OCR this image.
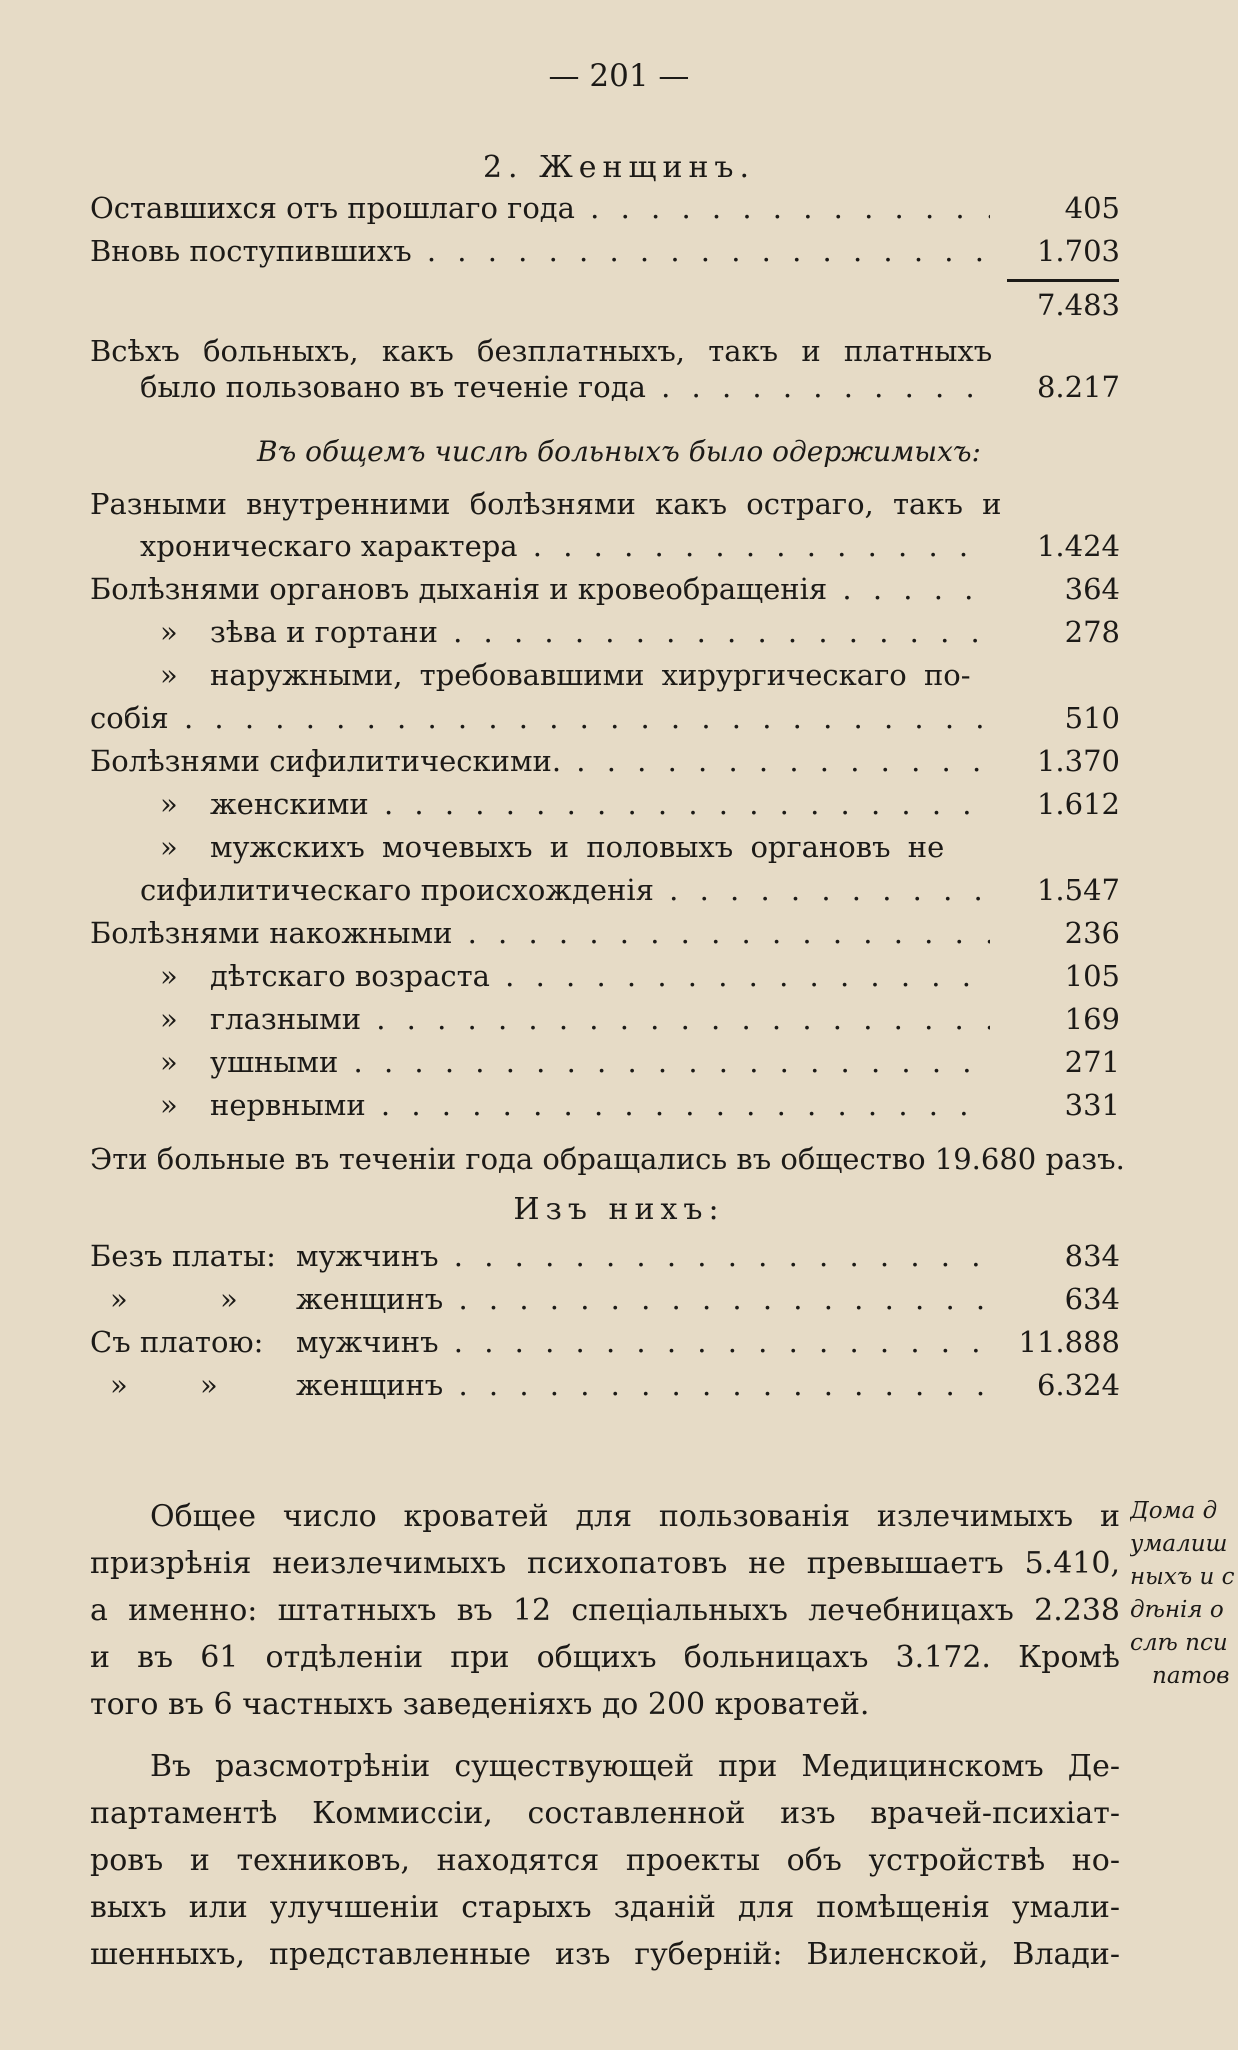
— 201 —
2. Женщинъ.
Оставшихся отъ прошлаго года . . .	405
Вновь поступившихъ . . .	1.703
7.483
Всѣхъ больныхъ, какъ безплатныхъ, такъ и платныхъ
было пользовано въ теченіе года . . .	8.217
Въ общемъ числѣ больныхъ было одержимыхъ:
Разными внутренними болѣзнями какъ остраго, такъ и
хроническаго характера . . .	1.424
Болѣзнями органовъ дыханія и кровеобращенія . . .	364
» зѣва и гортани . . .	278
» наружными, требовавшими хирургическаго по-
собія . . .	510
Болѣзнями сифилитическими. . . .	1.370
» женскими . . .	1.612
» мужскихъ мочевыхъ и половыхъ органовъ не
сифилитическаго происхожденія . . .	1.547
Болѣзнями накожными . . .	236
» дѣтскаго возраста . . .	105
» глазными . . .	169
» ушными . . .	271
» нервными . . .	331
Эти больные въ теченіи года обращались въ общество 19.680 разъ.
Изъ нихъ:
Безъ платы: мужчинъ . . .	834
»	» женщинъ . . .	634
Съ платою: мужчинъ . . .	11.888
» »	женщинъ . . .	6.324
Общее число кроватей для пользованія излечимыхъ и
призрѣнія неизлечимыхъ психопатовъ не превышаетъ 5.410,
а именно: штатныхъ въ 12 спеціальныхъ лечебницахъ 2.238
и въ 61 отдѣленіи при общихъ больницахъ 3.172. Кромѣ
того въ 6 частныхъ заведеніяхъ до 200 кроватей.
Дома д
умалиш
ныхъ и с
дѣнія о
слѣ пси
патов
Въ разсмотрѣніи существующей при Медицинскомъ Де-
партаментѣ Коммиссіи, составленной изъ врачей-психіат-
ровъ и техниковъ, находятся проекты объ устройствѣ но-
выхъ или улучшеніи старыхъ зданій для помѣщенія умали-
шенныхъ, представленные изъ губерній: Виленской, Влади-
